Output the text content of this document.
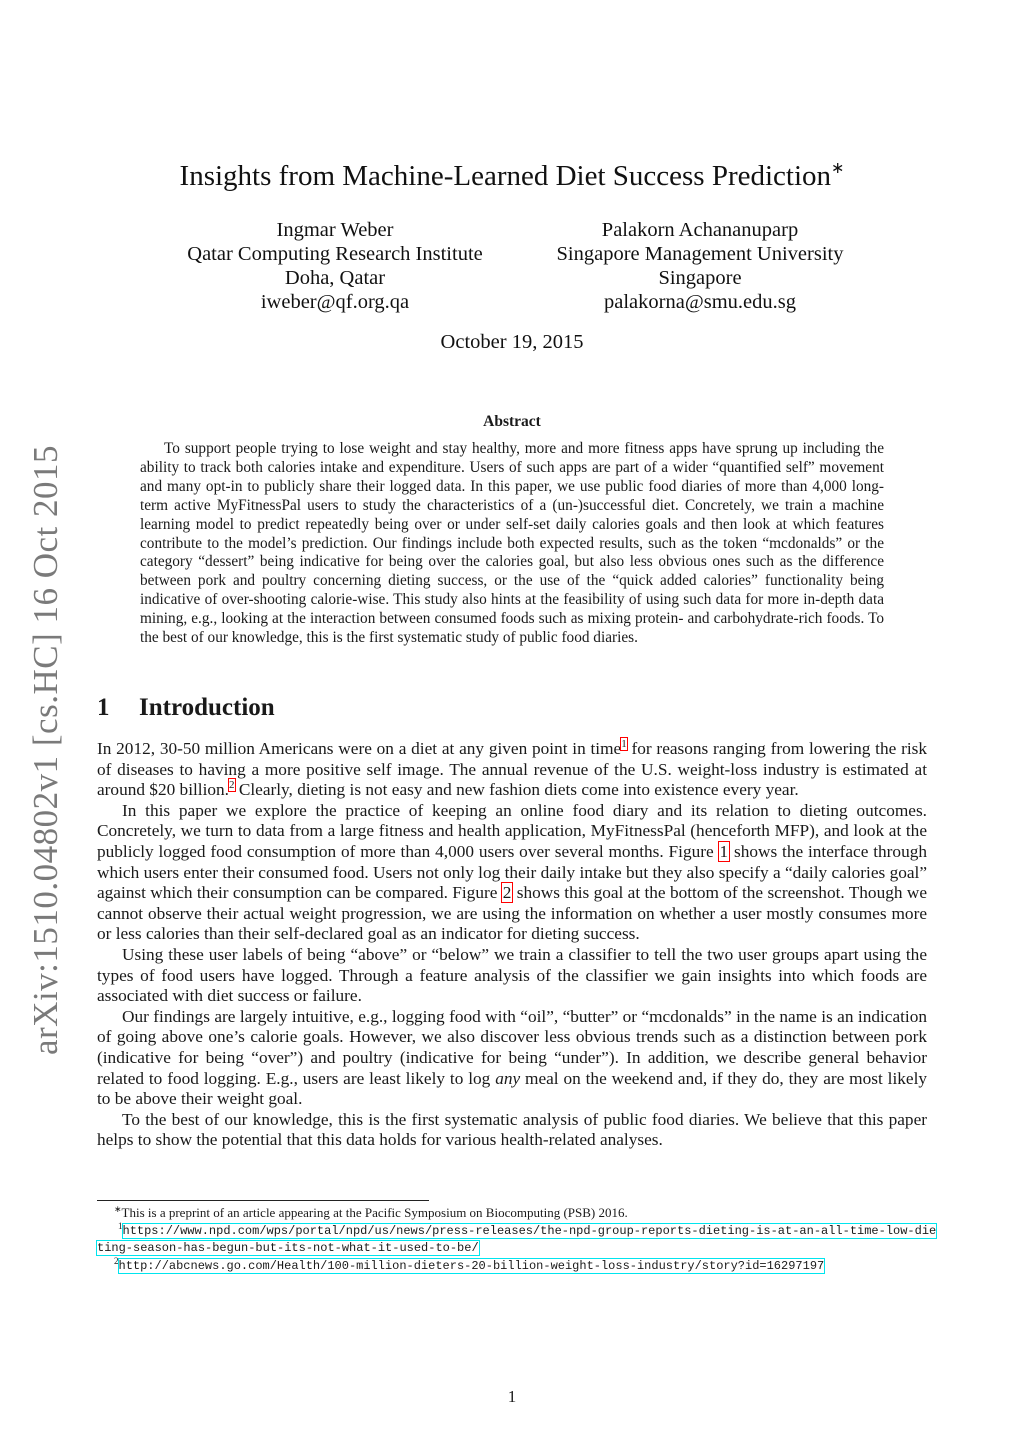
arXiv:1510.04802v1 [cs.HC] 16 Oct 2015
Insights from Machine-Learned Diet Success Prediction∗
Ingmar Weber
Qatar Computing Research Institute
Doha, Qatar
iweber@qf.org.qa
Palakorn Achananuparp
Singapore Management University
Singapore
palakorna@smu.edu.sg
October 19, 2015
Abstract

To support people trying to lose weight and stay healthy, more and more fitness apps have sprung up including the ability to track both calories intake and expenditure. Users of such apps are part of a wider “quantified self” movement and many opt-in to publicly share their logged data. In this paper, we use public food diaries of more than 4,000 long-term active MyFitnessPal users to study the characteristics of a (un-)successful diet. Concretely, we train a machine learning model to predict repeatedly being over or under self-set daily calories goals and then look at which features contribute to the model’s prediction. Our findings include both expected results, such as the token “mcdonalds” or the category “dessert” being indicative for being over the calories goal, but also less obvious ones such as the difference between pork and poultry concerning dieting success, or the use of the “quick added calories” functionality being indicative of over-shooting calorie-wise. This study also hints at the feasibility of using such data for more in-depth data mining, e.g., looking at the interaction between consumed foods such as mixing protein- and carbohydrate-rich foods. To the best of our knowledge, this is the first systematic study of public food diaries.

1 Introduction

In 2012, 30-50 million Americans were on a diet at any given point in time$^1$ for reasons ranging from lowering the risk of diseases to having a more positive self image. The annual revenue of the U.S. weight-loss industry is estimated at around $20 billion.$^2$ Clearly, dieting is not easy and new fashion diets come into existence every year.

In this paper we explore the practice of keeping an online food diary and its relation to dieting outcomes. Concretely, we turn to data from a large fitness and health application, MyFitnessPal (henceforth MFP), and look at the publicly logged food consumption of more than 4,000 users over several months. Figure 1 shows the interface through which users enter their consumed food. Users not only log their daily intake but they also specify a “daily calories goal” against which their consumption can be compared. Figure 2 shows this goal at the bottom of the screenshot. Though we cannot observe their actual weight progression, we are using the information on whether a user mostly consumes more or less calories than their self-declared goal as an indicator for dieting success.

Using these user labels of being “above” or “below” we train a classifier to tell the two user groups apart using the types of food users have logged. Through a feature analysis of the classifier we gain insights into which foods are associated with diet success or failure.

Our findings are largely intuitive, e.g., logging food with “oil”, “butter” or “mcdonalds” in the name is an indication of going above one’s calorie goals. However, we also discover less obvious trends such as a distinction between pork (indicative for being “over”) and poultry (indicative for being “under”). In addition, we describe general behavior related to food logging. E.g., users are least likely to log any meal on the weekend and, if they do, they are most likely to be above their weight goal.

To the best of our knowledge, this is the first systematic analysis of public food diaries. We believe that this paper helps to show the potential that this data holds for various health-related analyses.

∗This is a preprint of an article appearing at the Pacific Symposium on Biocomputing (PSB) 2016.

$^1$https://www.npd.com/wps/portal/npd/us/news/press-releases/the-npd-group-reports-dieting-is-at-an-all-time-low-dieting-season-has-begun-but-its-not-what-it-used-to-be/

$^2$http://abcnews.go.com/Health/100-million-dieters-20-billion-weight-loss-industry/story?id=16297197

1
